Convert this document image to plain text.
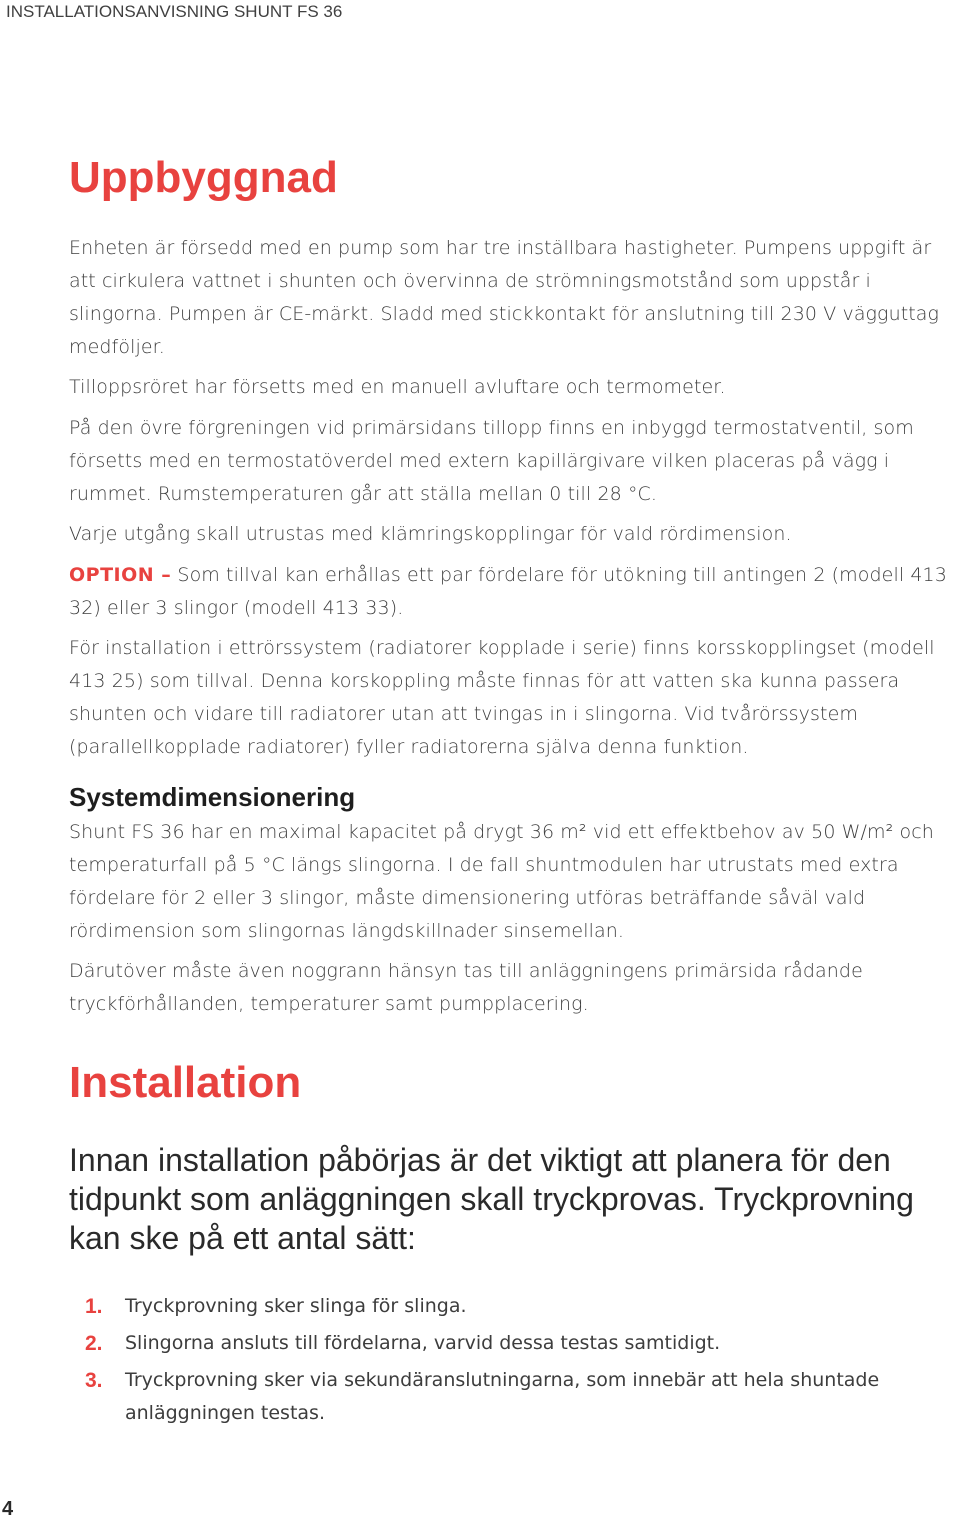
INSTALLATIONSANVISNING SHUNT FS 36
Uppbyggnad

Enheten är försedd med en pump som har tre inställbara hastigheter. Pumpens uppgift är att cirkulera vattnet i shunten och övervinna de strömningsmotstånd som uppstår i slingorna. Pumpen är CE-märkt. Sladd med stickkontakt för anslutning till 230 V vägguttag medföljer.

Tilloppsröret har försetts med en manuell avluftare och termometer.

På den övre förgreningen vid primärsidans tillopp finns en inbyggd termostatventil, som försetts med en termostatöverdel med extern kapillärgivare vilken placeras på vägg i rummet. Rumstemperaturen går att ställa mellan 0 till 28 °C.

Varje utgång skall utrustas med klämringskopplingar för vald rördimension.

OPTION – Som tillval kan erhållas ett par fördelare för utökning till antingen 2 (modell 413 32) eller 3 slingor (modell 413 33).

För installation i ettrörssystem (radiatorer kopplade i serie) finns korsskopplingset (modell 413 25) som tillval. Denna korskoppling måste finnas för att vatten ska kunna passera shunten och vidare till radiatorer utan att tvingas in i slingorna. Vid tvårörssystem (parallellkopplade radiatorer) fyller radiatorerna själva denna funktion.

Systemdimensionering

Shunt FS 36 har en maximal kapacitet på drygt 36 m² vid ett effektbehov av 50 W/m² och temperaturfall på 5 °C längs slingorna. I de fall shuntmodulen har utrustats med extra fördelare för 2 eller 3 slingor, måste dimensionering utföras beträffande såväl vald rördimension som slingornas längdskillnader sinsemellan.

Därutöver måste även noggrann hänsyn tas till anläggningens primärsida rådande tryckförhållanden, temperaturer samt pumpplacering.

Installation

Innan installation påbörjas är det viktigt att planera för den tidpunkt som anläggningen skall tryckprovas. Tryckprovning kan ske på ett antal sätt:

1. Tryckprovning sker slinga för slinga.
2. Slingorna ansluts till fördelarna, varvid dessa testas samtidigt.
3. Tryckprovning sker via sekundäranslutningarna, som innebär att hela shuntade anläggningen testas.
4
